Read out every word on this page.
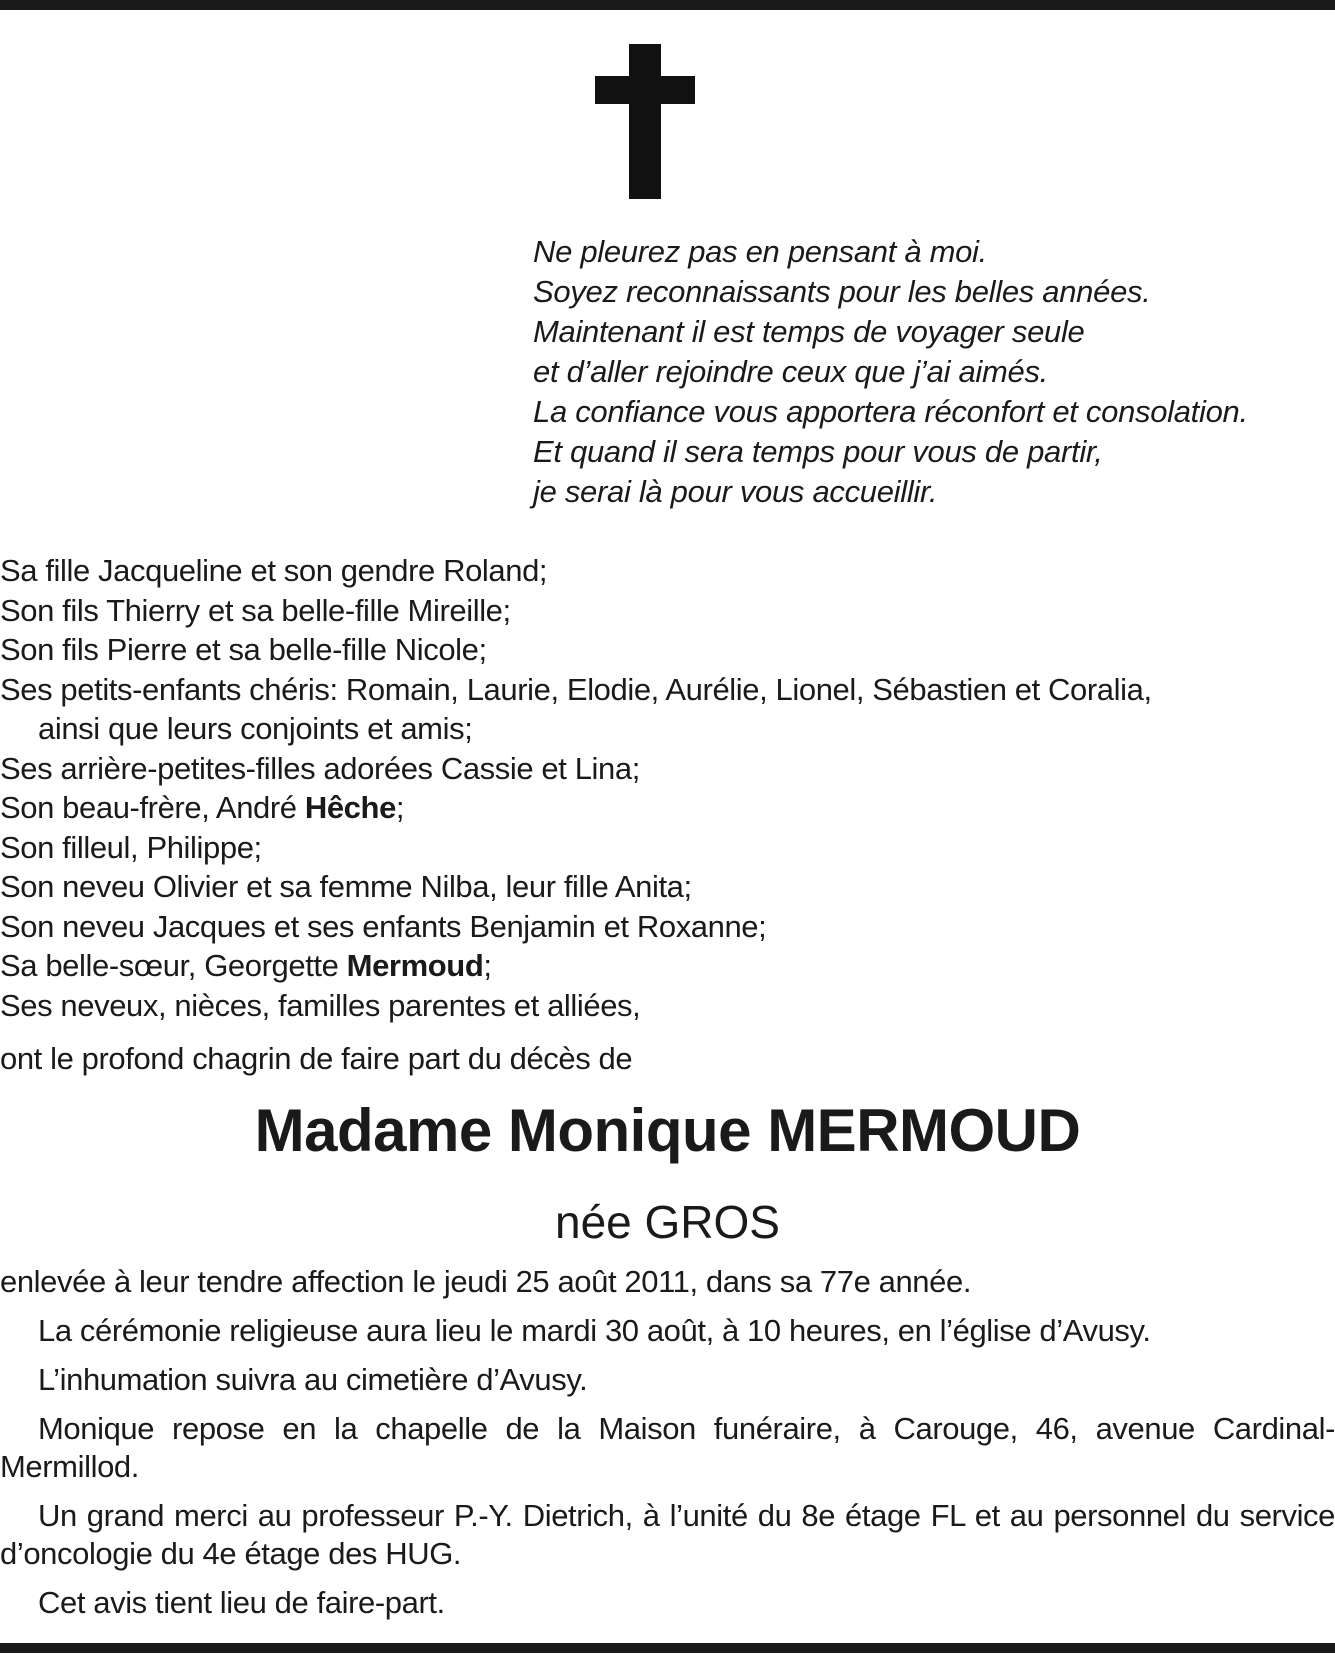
Ne pleurez pas en pensant à moi.
Soyez reconnaissants pour les belles années.
Maintenant il est temps de voyager seule
et d’aller rejoindre ceux que j’ai aimés.
La confiance vous apportera réconfort et consolation.
Et quand il sera temps pour vous de partir,
je serai là pour vous accueillir.
Sa fille Jacqueline et son gendre Roland;
Son fils Thierry et sa belle-fille Mireille;
Son fils Pierre et sa belle-fille Nicole;
Ses petits-enfants chéris: Romain, Laurie, Elodie, Aurélie, Lionel, Sébastien et Coralia,
ainsi que leurs conjoints et amis;
Ses arrière-petites-filles adorées Cassie et Lina;
Son beau-frère, André Hêche;
Son filleul, Philippe;
Son neveu Olivier et sa femme Nilba, leur fille Anita;
Son neveu Jacques et ses enfants Benjamin et Roxanne;
Sa belle-sœur, Georgette Mermoud;
Ses neveux, nièces, familles parentes et alliées,
ont le profond chagrin de faire part du décès de
Madame Monique MERMOUD
née GROS

enlevée à leur tendre affection le jeudi 25 août 2011, dans sa 77e année.

La cérémonie religieuse aura lieu le mardi 30 août, à 10 heures, en l’église d’Avusy.

L’inhumation suivra au cimetière d’Avusy.

Monique repose en la chapelle de la Maison funéraire, à Carouge, 46, avenue Cardinal-Mermillod.

Un grand merci au professeur P.-Y. Dietrich, à l’unité du 8e étage FL et au personnel du service d’oncologie du 4e étage des HUG.

Cet avis tient lieu de faire-part.
